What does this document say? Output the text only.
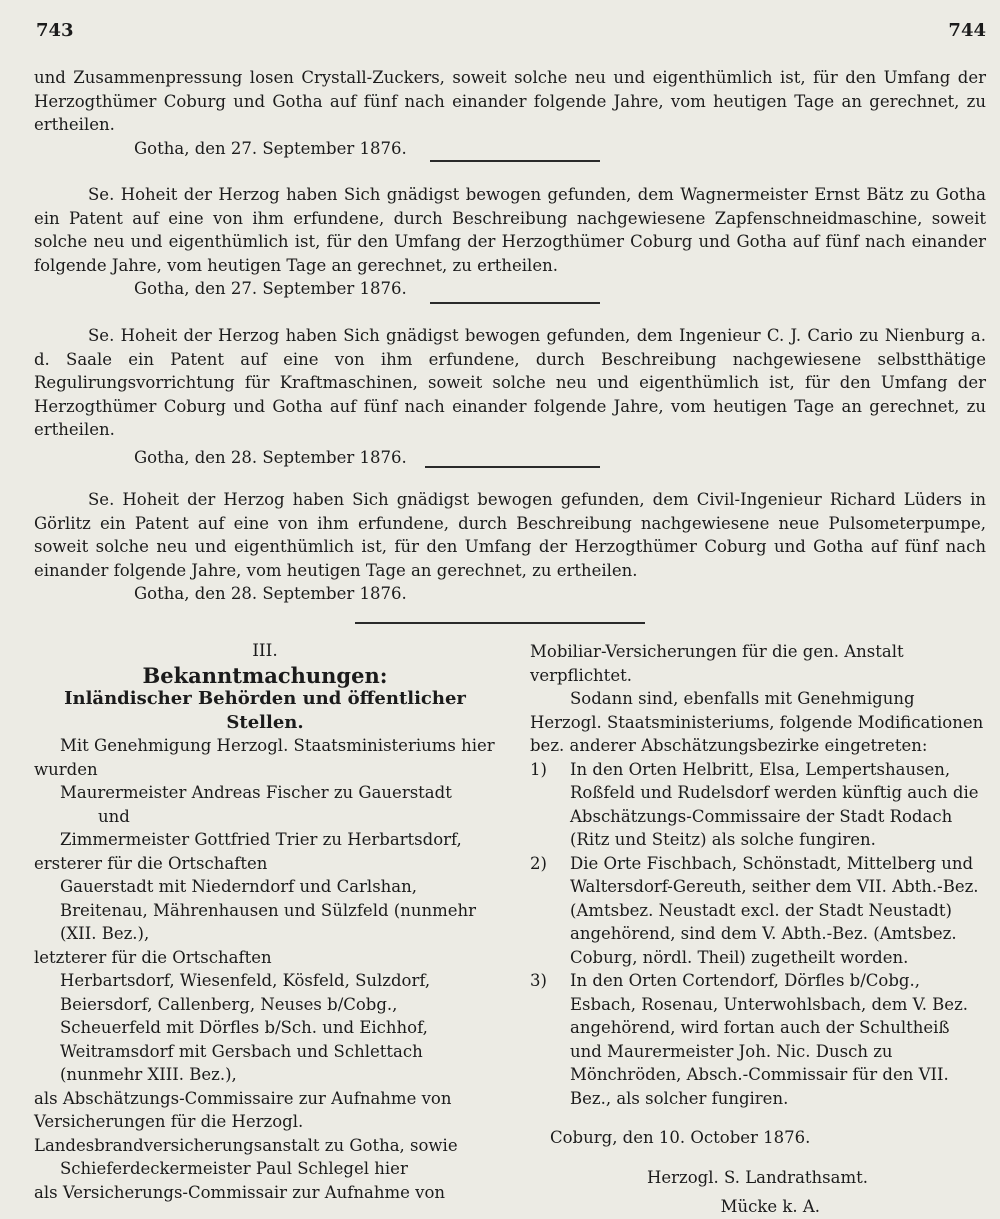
743	744

und Zusammenpressung losen Crystall-Zuckers, soweit solche neu und eigenthümlich ist, für den Umfang der Herzogthümer Coburg und Gotha auf fünf nach einander folgende Jahre, vom heutigen Tage an gerechnet, zu ertheilen.

Gotha, den 27. September 1876.

Se. Hoheit der Herzog haben Sich gnädigst bewogen gefunden, dem Wagnermeister Ernst Bätz zu Gotha ein Patent auf eine von ihm erfundene, durch Beschreibung nachgewiesene Zapfenschneidmaschine, soweit solche neu und eigenthümlich ist, für den Umfang der Herzogthümer Coburg und Gotha auf fünf nach einander folgende Jahre, vom heutigen Tage an gerechnet, zu ertheilen.

Gotha, den 27. September 1876.

Se. Hoheit der Herzog haben Sich gnädigst bewogen gefunden, dem Ingenieur C. J. Cario zu Nienburg a. d. Saale ein Patent auf eine von ihm erfundene, durch Beschreibung nachgewiesene selbstthätige Regulirungsvorrichtung für Kraftmaschinen, soweit solche neu und eigenthümlich ist, für den Umfang der Herzogthümer Coburg und Gotha auf fünf nach einander folgende Jahre, vom heutigen Tage an gerechnet, zu ertheilen.

Gotha, den 28. September 1876.

Se. Hoheit der Herzog haben Sich gnädigst bewogen gefunden, dem Civil-Ingenieur Richard Lüders in Görlitz ein Patent auf eine von ihm erfundene, durch Beschreibung nachgewiesene neue Pulsometerpumpe, soweit solche neu und eigenthümlich ist, für den Umfang der Herzogthümer Coburg und Gotha auf fünf nach einander folgende Jahre, vom heutigen Tage an gerechnet, zu ertheilen.

Gotha, den 28. September 1876.

III.

Bekanntmachungen:

Inländischer Behörden und öffentlicher Stellen.

Mit Genehmigung Herzogl. Staatsministeriums hier wurden

Maurermeister Andreas Fischer zu Gauerstadt

und

Zimmermeister Gottfried Trier zu Herbartsdorf,

ersterer für die Ortschaften

Gauerstadt mit Niederndorf und Carlshan, Breitenau, Mährenhausen und Sülzfeld (nunmehr (XII. Bez.),

letzterer für die Ortschaften

Herbartsdorf, Wiesenfeld, Kösfeld, Sulzdorf, Beiersdorf, Callenberg, Neuses b/Cobg., Scheuerfeld mit Dörfles b/Sch. und Eichhof, Weitramsdorf mit Gersbach und Schlettach (nunmehr XIII. Bez.),

als Abschätzungs-Commissaire zur Aufnahme von Versicherungen für die Herzogl. Landesbrandversicherungsanstalt zu Gotha, sowie

Schieferdeckermeister Paul Schlegel hier

als Versicherungs-Commissair zur Aufnahme von

Mobiliar-Versicherungen für die gen. Anstalt verpflichtet.

Sodann sind, ebenfalls mit Genehmigung Herzogl. Staatsministeriums, folgende Modificationen bez. anderer Abschätzungsbezirke eingetreten:

1) In den Orten Helbritt, Elsa, Lempertshausen, Roßfeld und Rudelsdorf werden künftig auch die Abschätzungs-Commissaire der Stadt Rodach (Ritz und Steitz) als solche fungiren.

2) Die Orte Fischbach, Schönstadt, Mittelberg und Waltersdorf-Gereuth, seither dem VII. Abth.-Bez. (Amtsbez. Neustadt excl. der Stadt Neustadt) angehörend, sind dem V. Abth.-Bez. (Amtsbez. Coburg, nördl. Theil) zugetheilt worden.

3) In den Orten Cortendorf, Dörfles b/Cobg., Esbach, Rosenau, Unterwohlsbach, dem V. Bez. angehörend, wird fortan auch der Schultheiß und Maurermeister Joh. Nic. Dusch zu Mönchröden, Absch.-Commissair für den VII. Bez., als solcher fungiren.

Coburg, den 10. October 1876.

Herzogl. S. Landrathsamt.

Mücke k. A.
